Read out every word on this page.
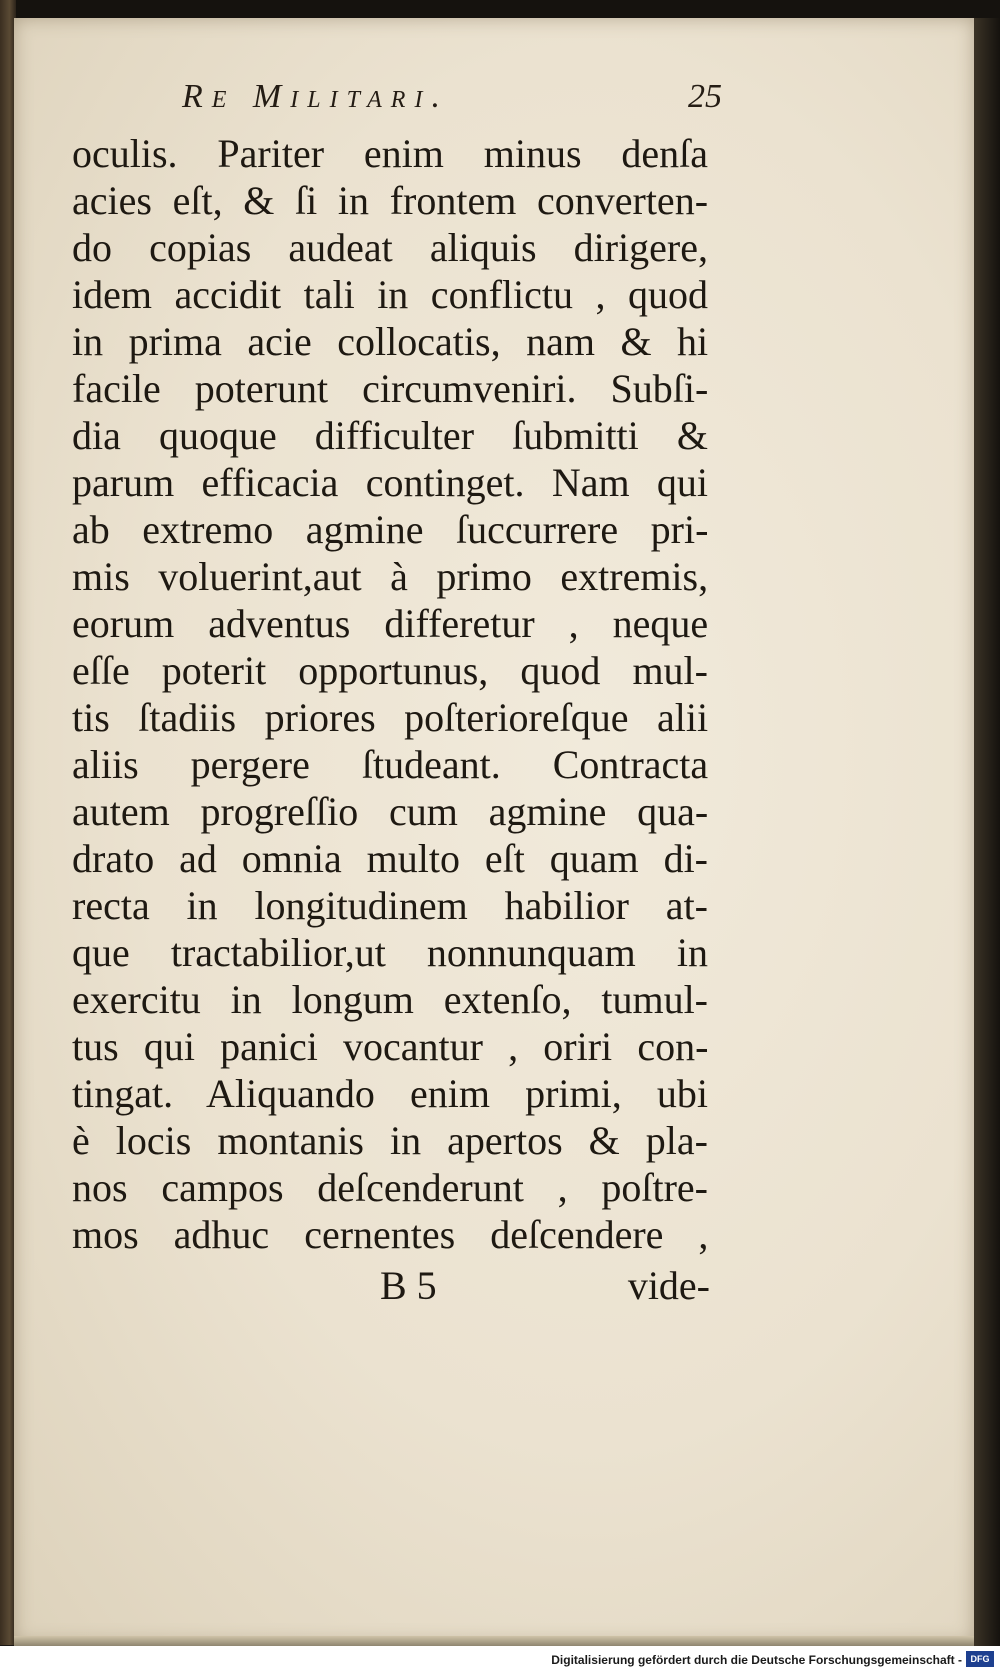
Re Militari.	25
oculis. Pariter enim minus denſa
acies eſt, & ſi in frontem converten-
do copias audeat aliquis dirigere,
idem accidit tali in conflictu , quod
in prima acie collocatis, nam & hi
facile poterunt circumveniri. Subſi-
dia quoque difficulter ſubmitti &
parum efficacia continget. Nam qui
ab extremo agmine ſuccurrere pri-
mis voluerint,aut à primo extremis,
eorum adventus differetur , neque
eſſe poterit opportunus, quod mul-
tis ſtadiis priores poſterioreſque alii
aliis pergere ſtudeant. Contracta
autem progreſſio cum agmine qua-
drato ad omnia multo eſt quam di-
recta in longitudinem habilior at-
que tractabilior,ut nonnunquam in
exercitu in longum extenſo, tumul-
tus qui panici vocantur , oriri con-
tingat. Aliquando enim primi, ubi
è locis montanis in apertos & pla-
nos campos deſcenderunt , poſtre-
mos adhuc cernentes deſcendere ,
B 5	vide-
Digitalisierung gefördert durch die Deutsche Forschungsgemeinschaft - DFG
